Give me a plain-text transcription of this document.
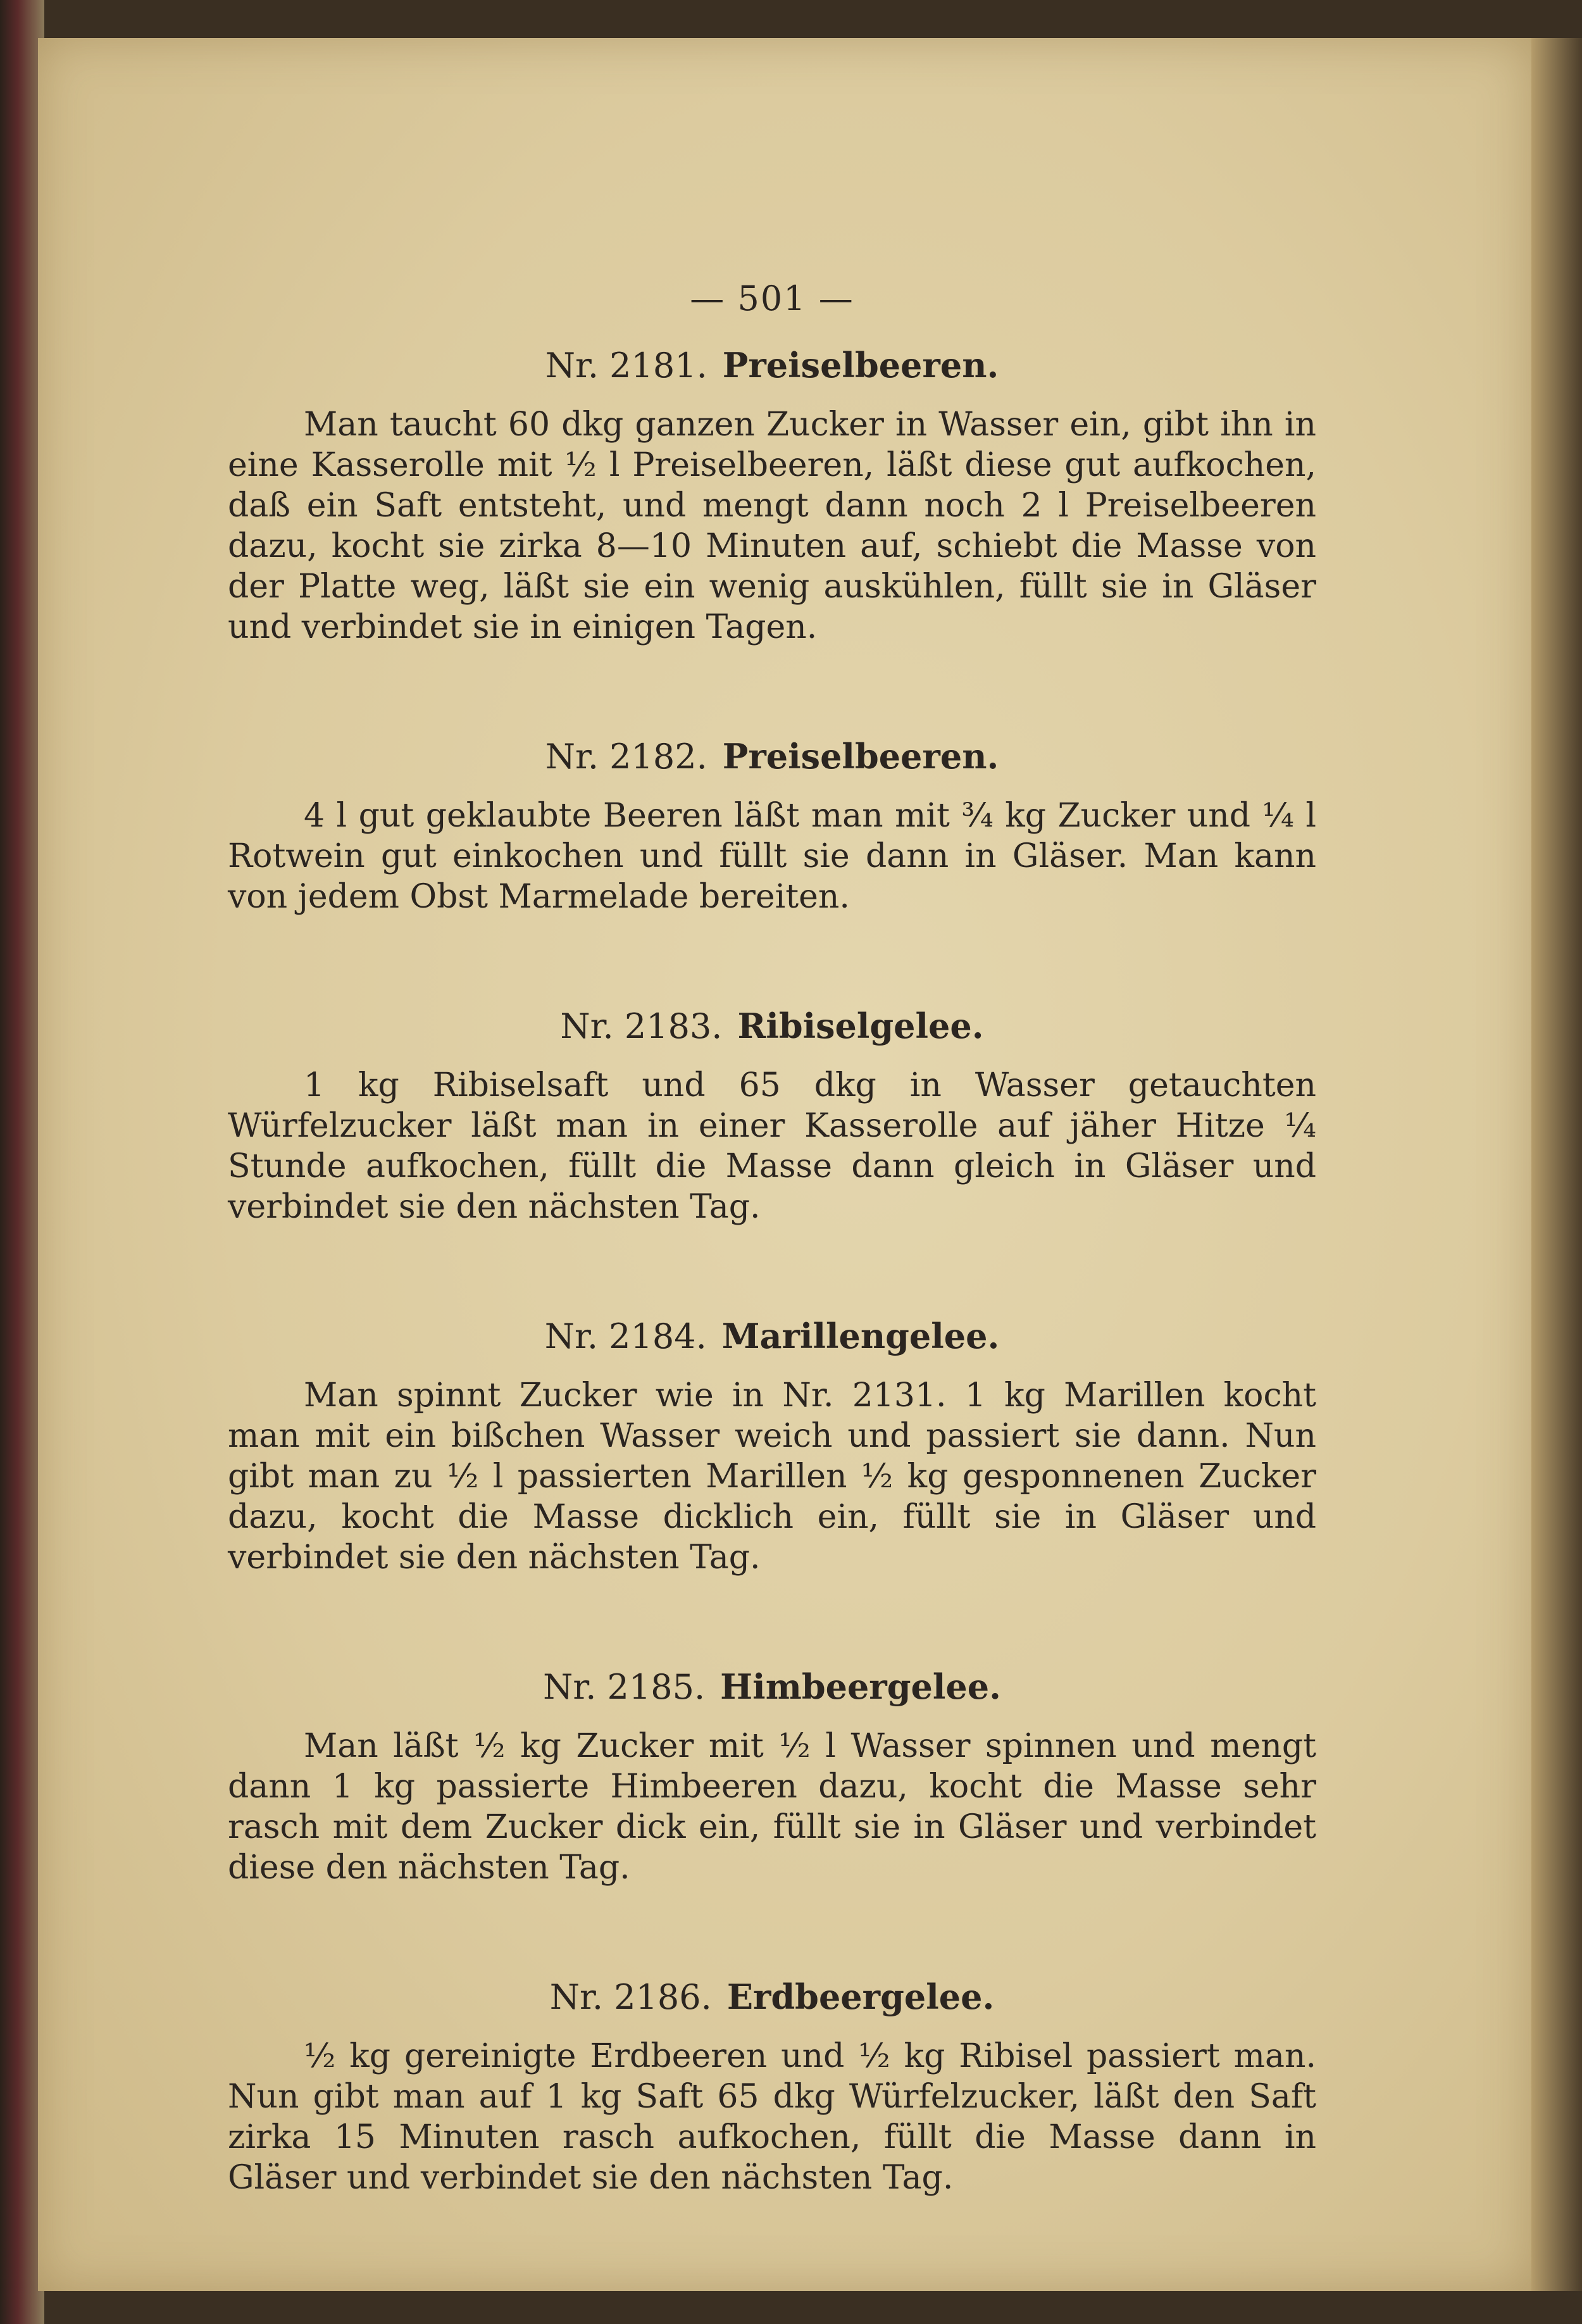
— 501 —
Nr. 2181. Preiselbeeren.

Man taucht 60 dkg ganzen Zucker in Wasser ein, gibt ihn in eine Kasserolle mit ½ l Preiselbeeren, läßt diese gut aufkochen, daß ein Saft entsteht, und mengt dann noch 2 l Preiselbeeren dazu, kocht sie zirka 8—10 Minuten auf, schiebt die Masse von der Platte weg, läßt sie ein wenig auskühlen, füllt sie in Gläser und verbindet sie in einigen Tagen.

Nr. 2182. Preiselbeeren.

4 l gut geklaubte Beeren läßt man mit ¾ kg Zucker und ¼ l Rotwein gut einkochen und füllt sie dann in Gläser. Man kann von jedem Obst Marmelade bereiten.

Nr. 2183. Ribiselgelee.

1 kg Ribiselsaft und 65 dkg in Wasser getauchten Würfelzucker läßt man in einer Kasserolle auf jäher Hitze ¼ Stunde aufkochen, füllt die Masse dann gleich in Gläser und verbindet sie den nächsten Tag.

Nr. 2184. Marillengelee.

Man spinnt Zucker wie in Nr. 2131. 1 kg Marillen kocht man mit ein bißchen Wasser weich und passiert sie dann. Nun gibt man zu ½ l passierten Marillen ½ kg gesponnenen Zucker dazu, kocht die Masse dicklich ein, füllt sie in Gläser und verbindet sie den nächsten Tag.

Nr. 2185. Himbeergelee.

Man läßt ½ kg Zucker mit ½ l Wasser spinnen und mengt dann 1 kg passierte Himbeeren dazu, kocht die Masse sehr rasch mit dem Zucker dick ein, füllt sie in Gläser und verbindet diese den nächsten Tag.

Nr. 2186. Erdbeergelee.

½ kg gereinigte Erdbeeren und ½ kg Ribisel passiert man. Nun gibt man auf 1 kg Saft 65 dkg Würfelzucker, läßt den Saft zirka 15 Minuten rasch aufkochen, füllt die Masse dann in Gläser und verbindet sie den nächsten Tag.
